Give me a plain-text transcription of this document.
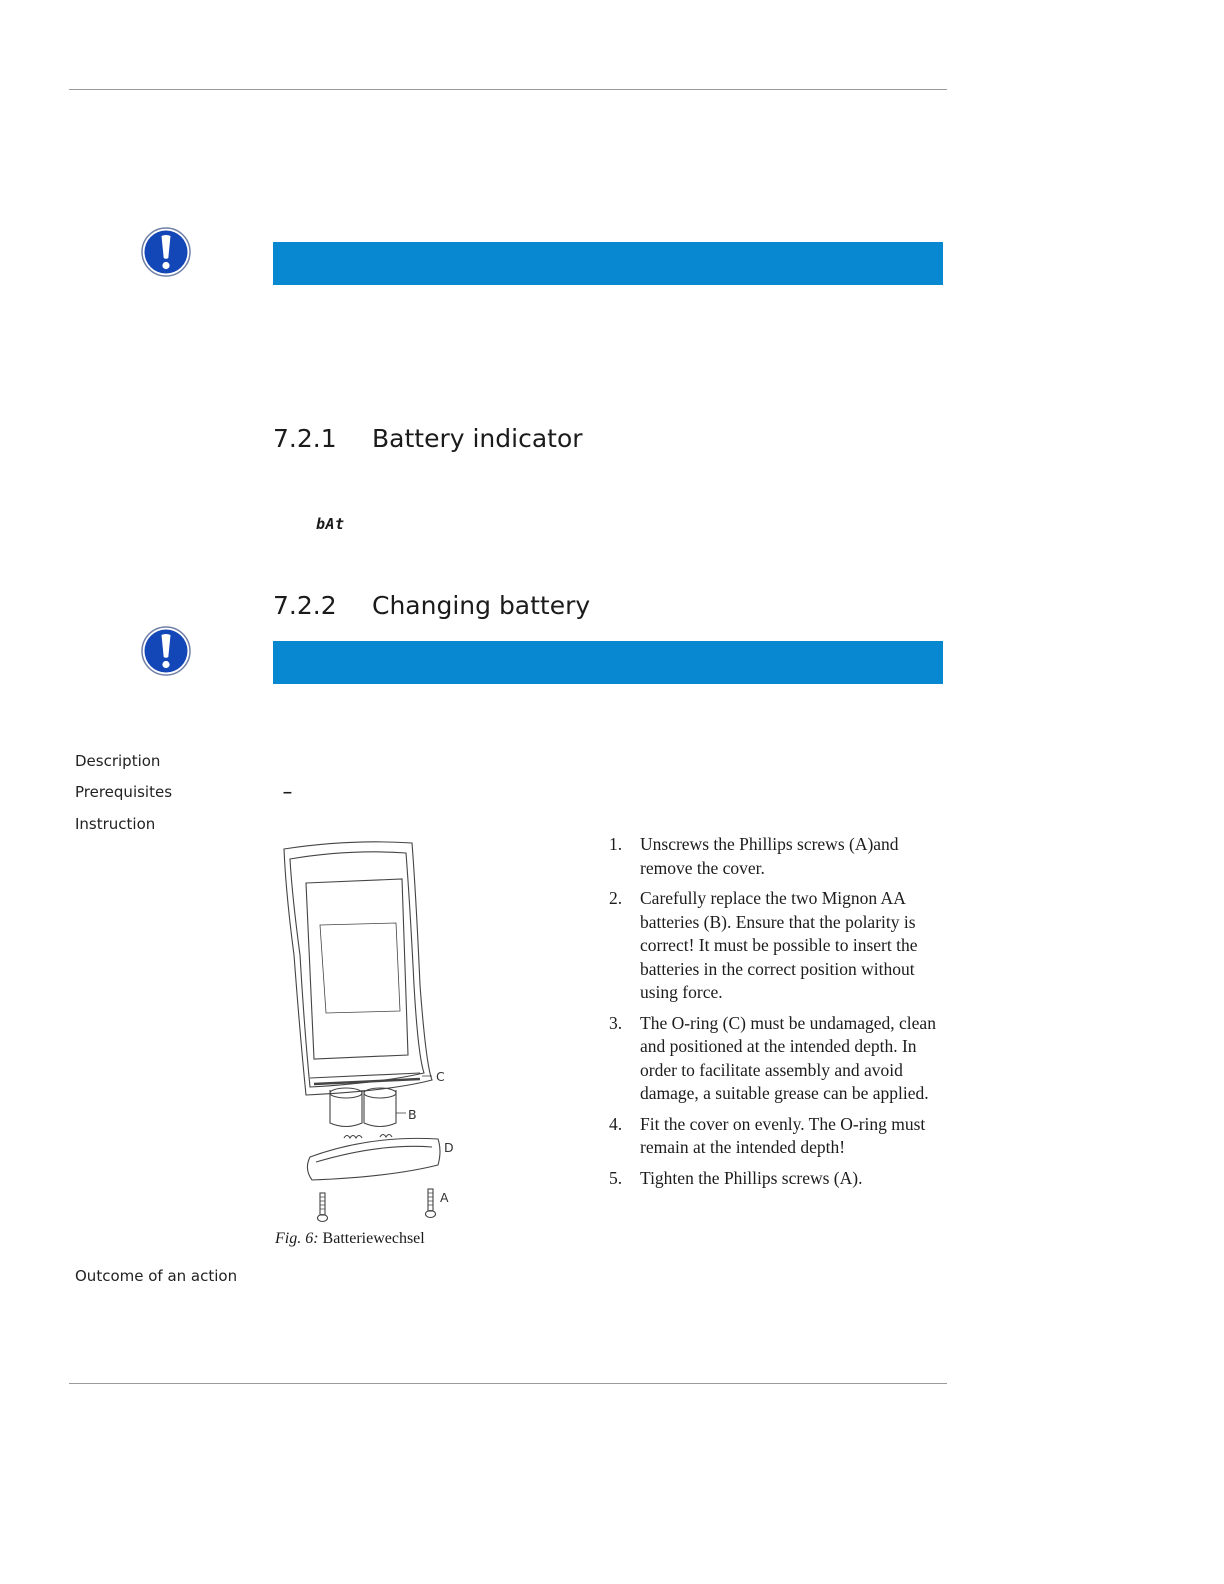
7.2.1 Battery indicator
bAt
7.2.2 Changing battery
Description
Prerequisites	–
Instruction
C
B
D
A
Fig. 6: Batteriewechsel
1. Unscrews the Phillips screws (A)and remove the cover.
2. Carefully replace the two Mignon AA batteries (B). Ensure that the polarity is correct! It must be possible to insert the batteries in the correct position without using force.
3. The O-ring (C) must be undamaged, clean and positioned at the intended depth. In order to facilitate assembly and avoid damage, a suitable grease can be applied.
4. Fit the cover on evenly. The O-ring must remain at the intended depth!
5. Tighten the Phillips screws (A).
Outcome of an action
